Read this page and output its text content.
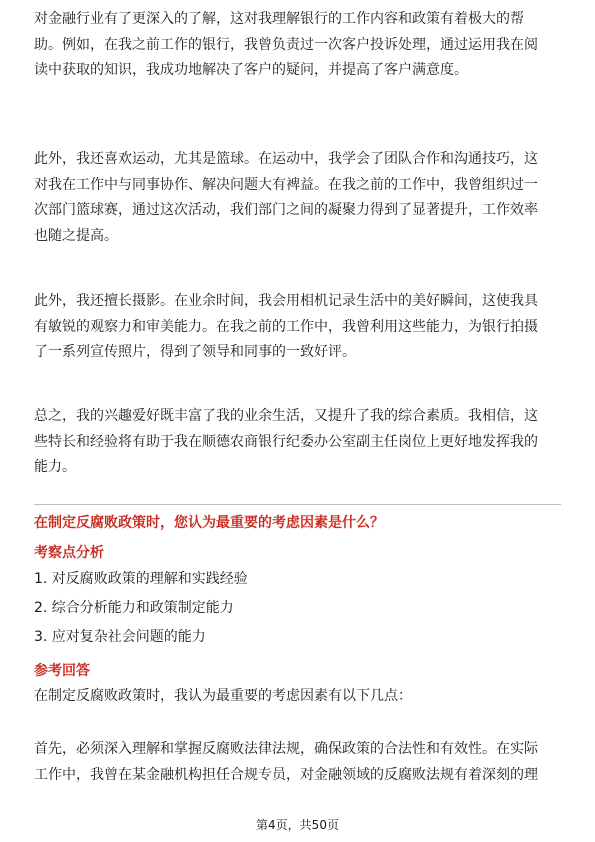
对金融行业有了更深入的了解，这对我理解银行的工作内容和政策有着极大的帮
助。例如，在我之前工作的银行，我曾负责过一次客户投诉处理，通过运用我在阅
读中获取的知识，我成功地解决了客户的疑问，并提高了客户满意度。
此外，我还喜欢运动，尤其是篮球。在运动中，我学会了团队合作和沟通技巧，这
对我在工作中与同事协作、解决问题大有裨益。在我之前的工作中，我曾组织过一
次部门篮球赛，通过这次活动，我们部门之间的凝聚力得到了显著提升，工作效率
也随之提高。
此外，我还擅长摄影。在业余时间，我会用相机记录生活中的美好瞬间，这使我具
有敏锐的观察力和审美能力。在我之前的工作中，我曾利用这些能力，为银行拍摄
了一系列宣传照片，得到了领导和同事的一致好评。
总之，我的兴趣爱好既丰富了我的业余生活，又提升了我的综合素质。我相信，这
些特长和经验将有助于我在顺德农商银行纪委办公室副主任岗位上更好地发挥我的
能力。
在制定反腐败政策时，您认为最重要的考虑因素是什么？
考察点分析
1. 对反腐败政策的理解和实践经验
2. 综合分析能力和政策制定能力
3. 应对复杂社会问题的能力
参考回答
在制定反腐败政策时，我认为最重要的考虑因素有以下几点：
首先，必须深入理解和掌握反腐败法律法规，确保政策的合法性和有效性。在实际
工作中，我曾在某金融机构担任合规专员，对金融领域的反腐败法规有着深刻的理
第4页，共50页
